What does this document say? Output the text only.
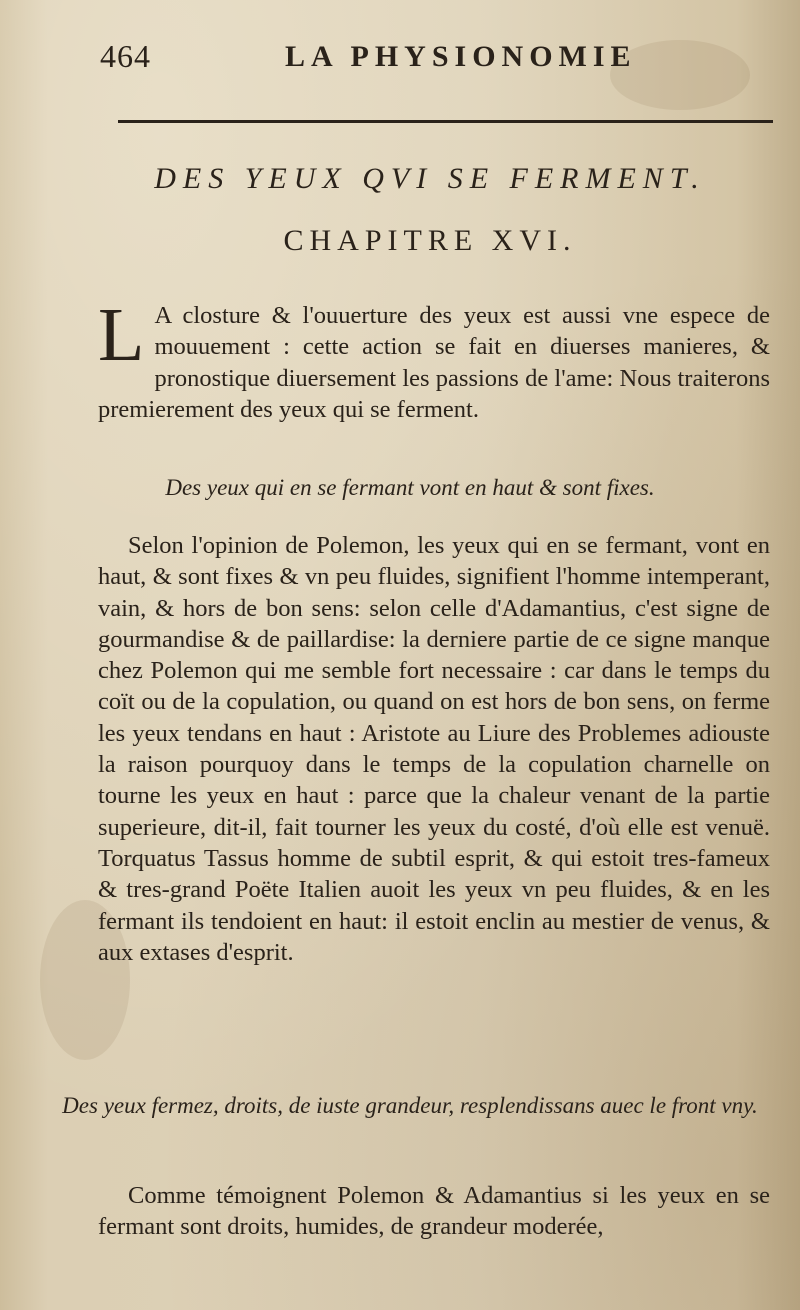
464	LA PHYSIONOMIE
DES YEUX QVI SE FERMENT.
CHAPITRE XVI.
L A closture & l'ouuerture des yeux est aussi vne espece de mouuement : cette action se fait en diuerses manieres, & pronostique diuersement les passions de l'ame: Nous traiterons premierement des yeux qui se ferment.
Des yeux qui en se fermant vont en haut & sont fixes.
Selon l'opinion de Polemon, les yeux qui en se fermant, vont en haut, & sont fixes & vn peu fluides, signifient l'homme intemperant, vain, & hors de bon sens: selon celle d'Adamantius, c'est signe de gourmandise & de paillardise: la derniere partie de ce signe manque chez Polemon qui me semble fort necessaire : car dans le temps du coït ou de la copulation, ou quand on est hors de bon sens, on ferme les yeux tendans en haut : Aristote au Liure des Problemes adiouste la raison pourquoy dans le temps de la copulation charnelle on tourne les yeux en haut : parce que la chaleur venant de la partie superieure, dit-il, fait tourner les yeux du costé, d'où elle est venuë. Torquatus Tassus homme de subtil esprit, & qui estoit tres-fameux & tres-grand Poëte Italien auoit les yeux vn peu fluides, & en les fermant ils tendoient en haut: il estoit enclin au mestier de venus, & aux extases d'esprit.
Des yeux fermez, droits, de iuste grandeur, resplendissans auec le front vny.
Comme témoignent Polemon & Adamantius si les yeux en se fermant sont droits, humides, de grandeur moderée,
